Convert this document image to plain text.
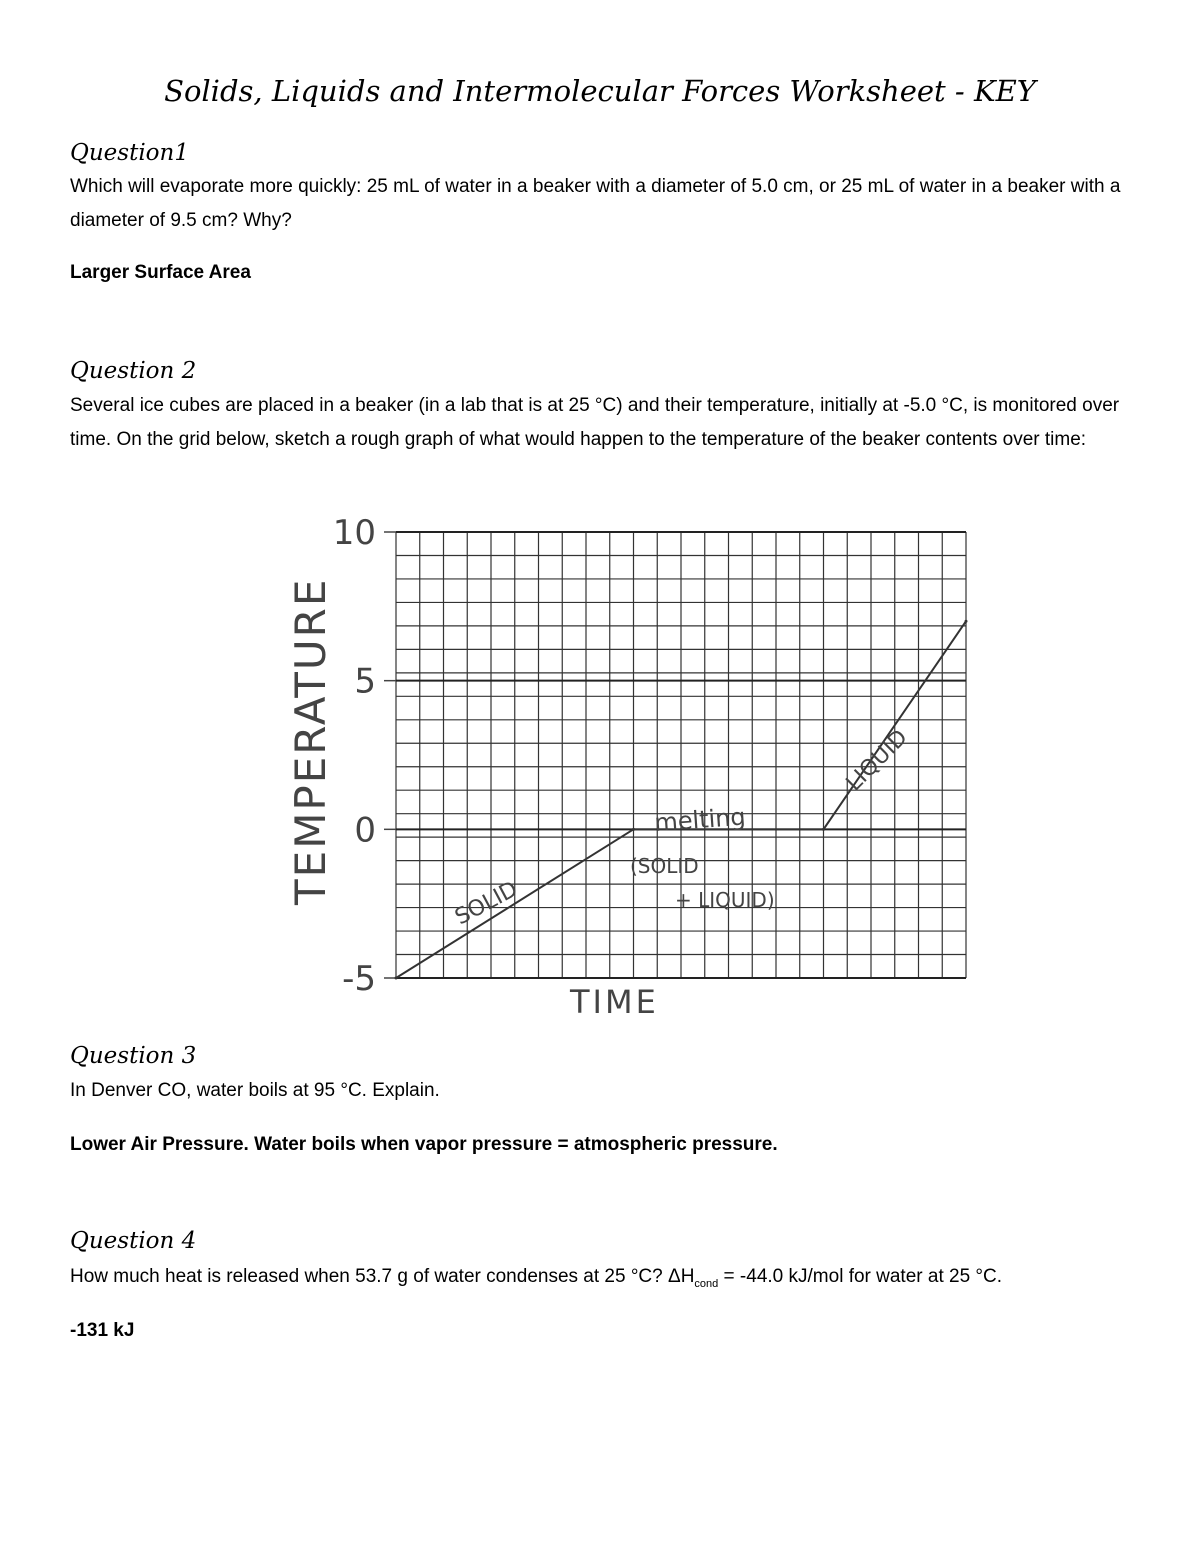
Solids, Liquids and Intermolecular Forces Worksheet - KEY
Question1
Which will evaporate more quickly: 25 mL of water in a beaker with a diameter of 5.0 cm, or 25 mL of water in a beaker with a diameter of 9.5 cm? Why?
Larger Surface Area
Question 2
Several ice cubes are placed in a beaker (in a lab that is at 25 °C) and their temperature, initially at -5.0 °C, is monitored over time. On the grid below, sketch a rough graph of what would happen to the temperature of the beaker contents over time:
10
5
0
-5
TEMPERATURE
TIME
SOLID
melting
(SOLID
+ LIQUID)
LIQUID
Question 3
In Denver CO, water boils at 95 °C. Explain.
Lower Air Pressure. Water boils when vapor pressure = atmospheric pressure.
Question 4
How much heat is released when 53.7 g of water condenses at 25 °C? $\Delta H_{cond} = -44.0$ kJ/mol for water at 25 °C.
-131 kJ
